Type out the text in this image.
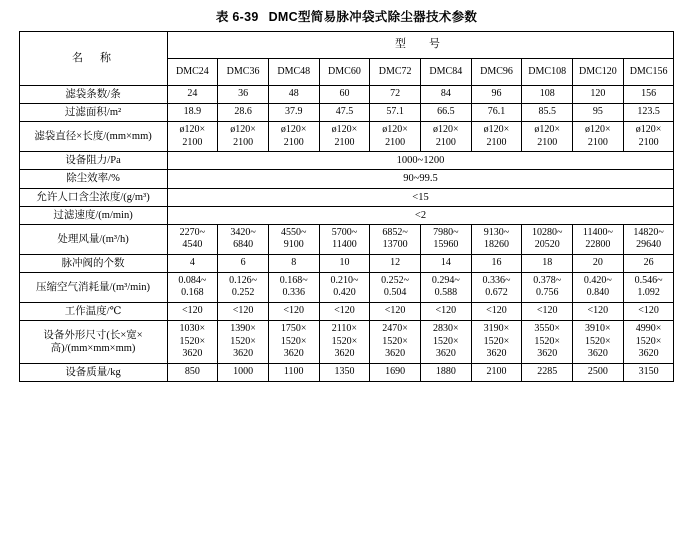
表 6-39 DMC型简易脉冲袋式除尘器技术参数
名　称	型　号									
	DMC24	DMC36	DMC48	DMC60	DMC72	DMC84	DMC96	DMC108	DMC120	DMC156
滤袋条数/条	24	36	48	60	72	84	96	108	120	156
过滤面积/m²	18.9	28.6	37.9	47.5	57.1	66.5	76.1	85.5	95	123.5
滤袋直径×长度/(mm×mm)	ø120×
2100	ø120×
2100	ø120×
2100	ø120×
2100	ø120×
2100	ø120×
2100	ø120×
2100	ø120×
2100	ø120×
2100	ø120×
2100

设备阻力/Pa	1000~1200									
除尘效率/%	90~99.5									
允许人口含尘浓度/(g/m³)	<15									
过滤速度/(m/min)	<2									
处理风量/(m³/h)	2270~
4540	3420~
6840	4550~
9100	5700~
11400	6852~
13700	7980~
15960	9130~
18260	10280~
20520	11400~
22800	14820~
29640

脉冲阀的个数	4	6	8	10	12	14	16	18	20	26
压缩空气消耗量/(m³/min)	0.084~
0.168	0.126~
0.252	0.168~
0.336	0.210~
0.420	0.252~
0.504	0.294~
0.588	0.336~
0.672	0.378~
0.756	0.420~
0.840	0.546~
1.092

工作温度/℃	<120	<120	<120	<120	<120	<120	<120	<120	<120	<120
设备外形尺寸(长×宽×高)/(mm×mm×mm)	1030×
1520×
3620	1390×
1520×
3620	1750×
1520×
3620	2110×
1520×
3620	2470×
1520×
3620	2830×
1520×
3620	3190×
1520×
3620	3550×
1520×
3620	3910×
1520×
3620	4990×
1520×
3620

设备质量/kg	850	1000	1100	1350	1690	1880	2100	2285	2500	3150
